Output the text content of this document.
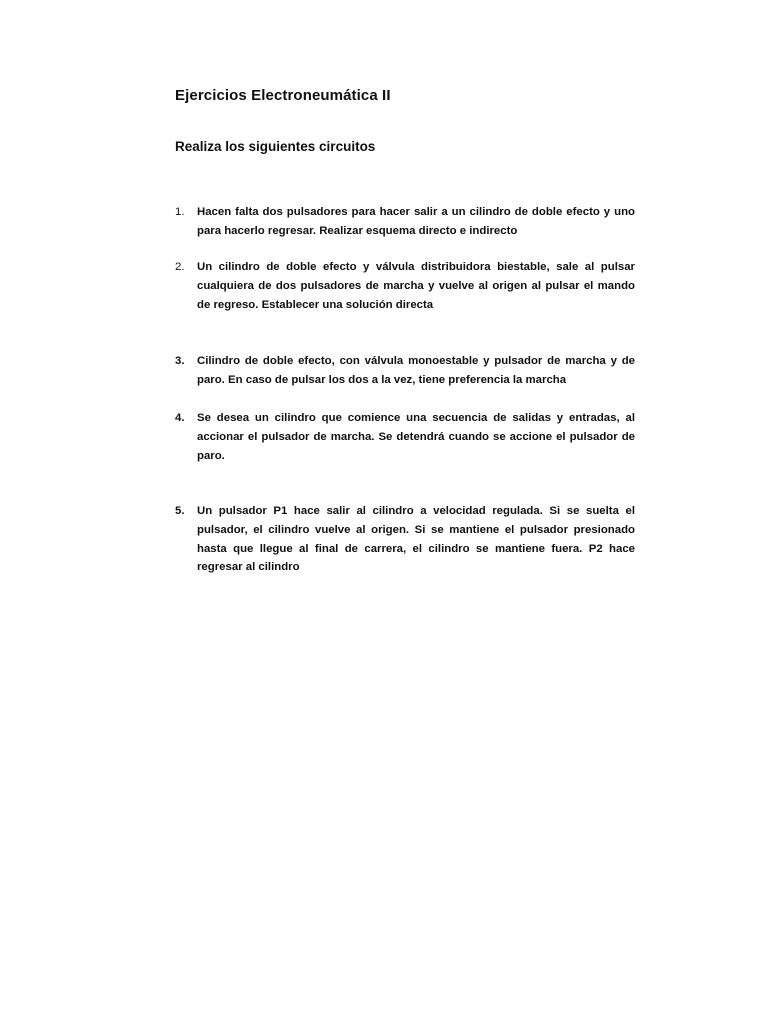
Ejercicios Electroneumática II
Realiza los siguientes circuitos
1. Hacen falta dos pulsadores para hacer salir a un cilindro de doble efecto y uno para hacerlo regresar. Realizar esquema directo e indirecto
2. Un cilindro de doble efecto y válvula distribuidora biestable, sale al pulsar cualquiera de dos pulsadores de marcha y vuelve al origen al pulsar el mando de regreso. Establecer una solución directa
3. Cilindro de doble efecto, con válvula monoestable y pulsador de marcha y de paro. En caso de pulsar los dos a la vez, tiene preferencia la marcha
4. Se desea un cilindro que comience una secuencia de salidas y entradas, al accionar el pulsador de marcha. Se detendrá cuando se accione el pulsador de paro.
5. Un pulsador P1 hace salir al cilindro a velocidad regulada. Si se suelta el pulsador, el cilindro vuelve al origen. Si se mantiene el pulsador presionado hasta que llegue al final de carrera, el cilindro se mantiene fuera. P2 hace regresar al cilindro
